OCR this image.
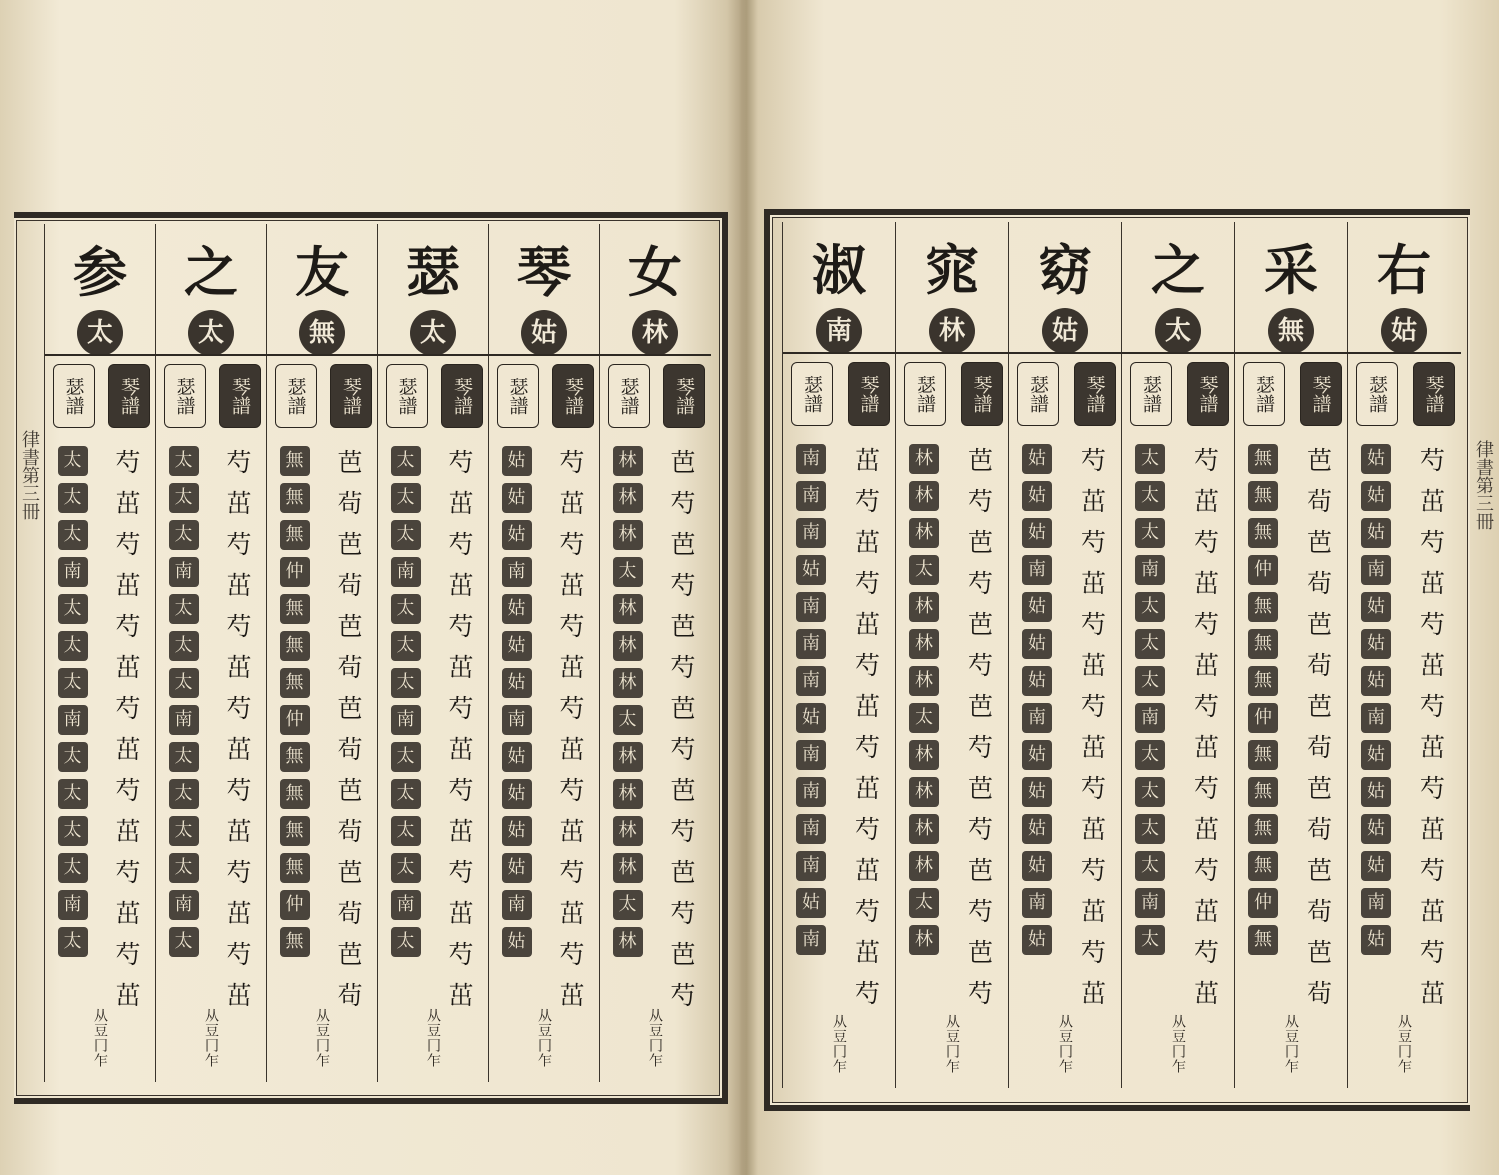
律書第三冊	律書第三冊
女
林
琴譜
芭
芍
芭
芍
芭
芍
芭
芍
芭
芍
芭
芍
芭
芍
瑟譜
林
林
林
太
林
林
林
太
林
林
林
林
太
林
从豆冂乍
琴
姑
琴譜
芍
茁
芍
茁
芍
茁
芍
茁
芍
茁
芍
茁
芍
茁
瑟譜
姑
姑
姑
南
姑
姑
姑
南
姑
姑
姑
姑
南
姑
从豆冂乍
瑟
太
琴譜
芍
茁
芍
茁
芍
茁
芍
茁
芍
茁
芍
茁
芍
茁
瑟譜
太
太
太
南
太
太
太
南
太
太
太
太
南
太
从豆冂乍
友
無
琴譜
芭
茍
芭
茍
芭
茍
芭
茍
芭
茍
芭
茍
芭
茍
瑟譜
無
無
無
仲
無
無
無
仲
無
無
無
無
仲
無
从豆冂乍
之
太
琴譜
芍
茁
芍
茁
芍
茁
芍
茁
芍
茁
芍
茁
芍
茁
瑟譜
太
太
太
南
太
太
太
南
太
太
太
太
南
太
从豆冂乍
参
太
琴譜
芍
茁
芍
茁
芍
茁
芍
茁
芍
茁
芍
茁
芍
茁
瑟譜
太
太
太
南
太
太
太
南
太
太
太
太
南
太
从豆冂乍
右
姑
琴譜
芍
茁
芍
茁
芍
茁
芍
茁
芍
茁
芍
茁
芍
茁
瑟譜
姑
姑
姑
南
姑
姑
姑
南
姑
姑
姑
姑
南
姑
从豆冂乍
采
無
琴譜
芭
茍
芭
茍
芭
茍
芭
茍
芭
茍
芭
茍
芭
茍
瑟譜
無
無
無
仲
無
無
無
仲
無
無
無
無
仲
無
从豆冂乍
之
太
琴譜
芍
茁
芍
茁
芍
茁
芍
茁
芍
茁
芍
茁
芍
茁
瑟譜
太
太
太
南
太
太
太
南
太
太
太
太
南
太
从豆冂乍
窈
姑
琴譜
芍
茁
芍
茁
芍
茁
芍
茁
芍
茁
芍
茁
芍
茁
瑟譜
姑
姑
姑
南
姑
姑
姑
南
姑
姑
姑
姑
南
姑
从豆冂乍
窕
林
琴譜
芭
芍
芭
芍
芭
芍
芭
芍
芭
芍
芭
芍
芭
芍
瑟譜
林
林
林
太
林
林
林
太
林
林
林
林
太
林
从豆冂乍
淑
南
琴譜
茁
芍
茁
芍
茁
芍
茁
芍
茁
芍
茁
芍
茁
芍
瑟譜
南
南
南
姑
南
南
南
姑
南
南
南
南
姑
南
从豆冂乍
